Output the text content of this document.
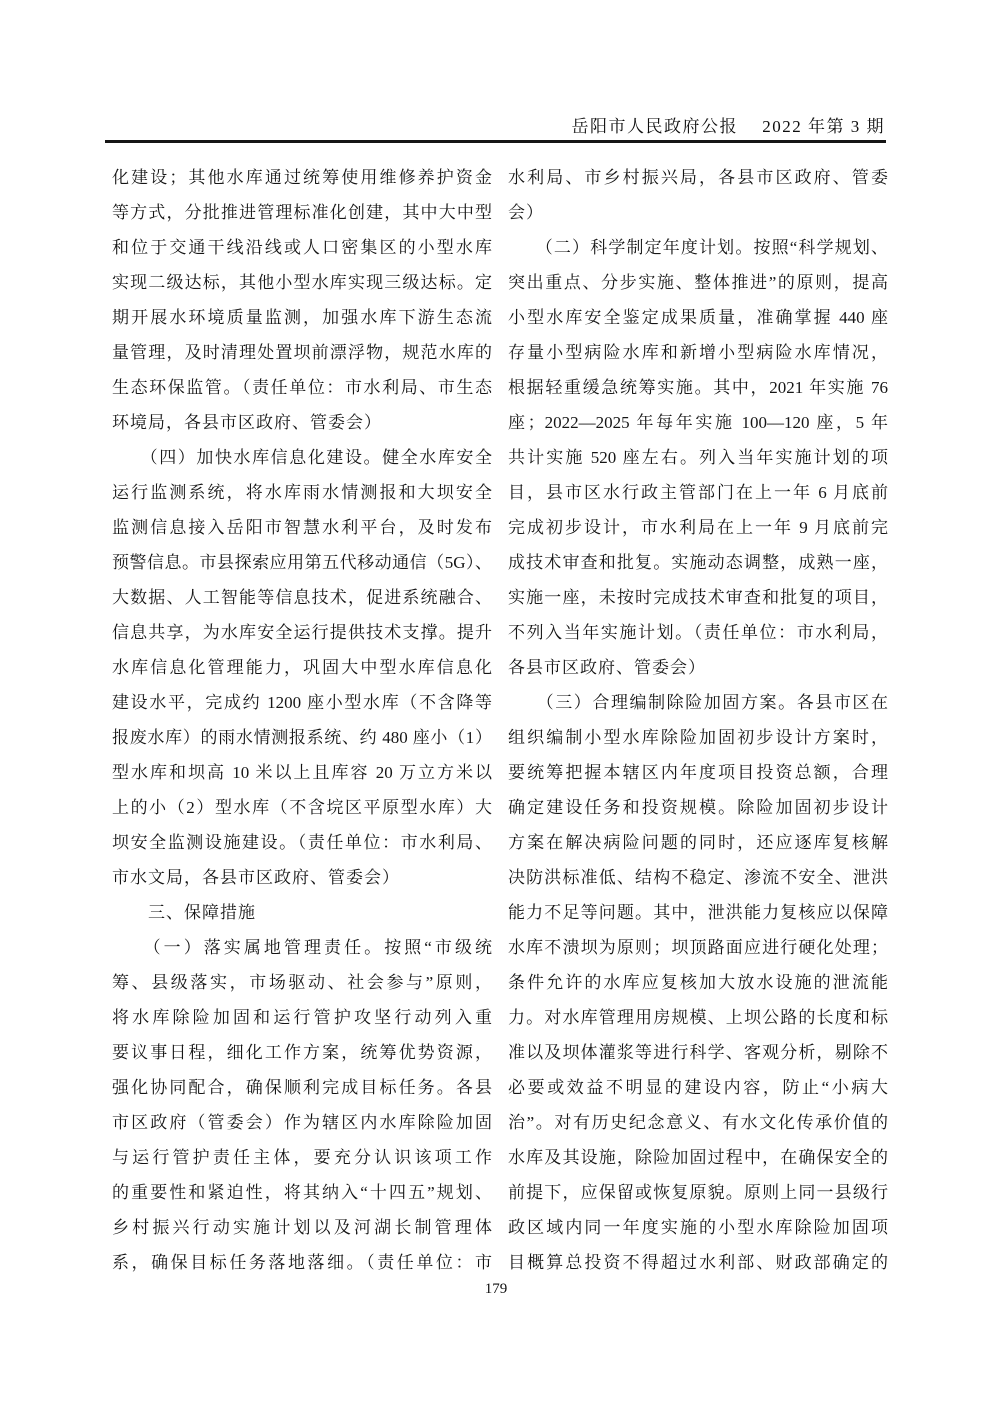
岳阳市人民政府公报　 2022 年第 3 期
化建设；其他水库通过统筹使用维修养护资金
等方式，分批推进管理标准化创建，其中大中型
和位于交通干线沿线或人口密集区的小型水库
实现二级达标，其他小型水库实现三级达标。定
期开展水环境质量监测，加强水库下游生态流
量管理，及时清理处置坝前漂浮物，规范水库的
生态环保监管。（责任单位：市水利局、市生态
环境局，各县市区政府、管委会）
　　（四）加快水库信息化建设。健全水库安全
运行监测系统，将水库雨水情测报和大坝安全
监测信息接入岳阳市智慧水利平台，及时发布
预警信息。市县探索应用第五代移动通信（5G）、
大数据、人工智能等信息技术，促进系统融合、
信息共享，为水库安全运行提供技术支撑。提升
水库信息化管理能力，巩固大中型水库信息化
建设水平，完成约 1200 座小型水库（不含降等
报废水库）的雨水情测报系统、约 480 座小（1）
型水库和坝高 10 米以上且库容 20 万立方米以
上的小（2）型水库（不含垸区平原型水库）大
坝安全监测设施建设。（责任单位：市水利局、
市水文局，各县市区政府、管委会）
　　三、保障措施
　　（一）落实属地管理责任。按照“市级统
筹、县级落实，市场驱动、社会参与”原则，
将水库除险加固和运行管护攻坚行动列入重
要议事日程，细化工作方案，统筹优势资源，
强化协同配合，确保顺利完成目标任务。各县
市区政府（管委会）作为辖区内水库除险加固
与运行管护责任主体，要充分认识该项工作
的重要性和紧迫性，将其纳入“十四五”规划、
乡村振兴行动实施计划以及河湖长制管理体
系，确保目标任务落地落细。（责任单位：市
水利局、市乡村振兴局，各县市区政府、管委
会）
　　（二）科学制定年度计划。按照“科学规划、
突出重点、分步实施、整体推进”的原则，提高
小型水库安全鉴定成果质量，准确掌握 440 座
存量小型病险水库和新增小型病险水库情况，
根据轻重缓急统筹实施。其中，2021 年实施 76
座；2022—2025 年每年实施 100—120 座，5 年
共计实施 520 座左右。列入当年实施计划的项
目，县市区水行政主管部门在上一年 6 月底前
完成初步设计，市水利局在上一年 9 月底前完
成技术审查和批复。实施动态调整，成熟一座，
实施一座，未按时完成技术审查和批复的项目，
不列入当年实施计划。（责任单位：市水利局，
各县市区政府、管委会）
　　（三）合理编制除险加固方案。各县市区在
组织编制小型水库除险加固初步设计方案时，
要统筹把握本辖区内年度项目投资总额，合理
确定建设任务和投资规模。除险加固初步设计
方案在解决病险问题的同时，还应逐库复核解
决防洪标准低、结构不稳定、渗流不安全、泄洪
能力不足等问题。其中，泄洪能力复核应以保障
水库不溃坝为原则；坝顶路面应进行硬化处理；
条件允许的水库应复核加大放水设施的泄流能
力。对水库管理用房规模、上坝公路的长度和标
准以及坝体灌浆等进行科学、客观分析，剔除不
必要或效益不明显的建设内容，防止“小病大
治”。对有历史纪念意义、有水文化传承价值的
水库及其设施，除险加固过程中，在确保安全的
前提下，应保留或恢复原貌。原则上同一县级行
政区域内同一年度实施的小型水库除险加固项
目概算总投资不得超过水利部、财政部确定的
179
